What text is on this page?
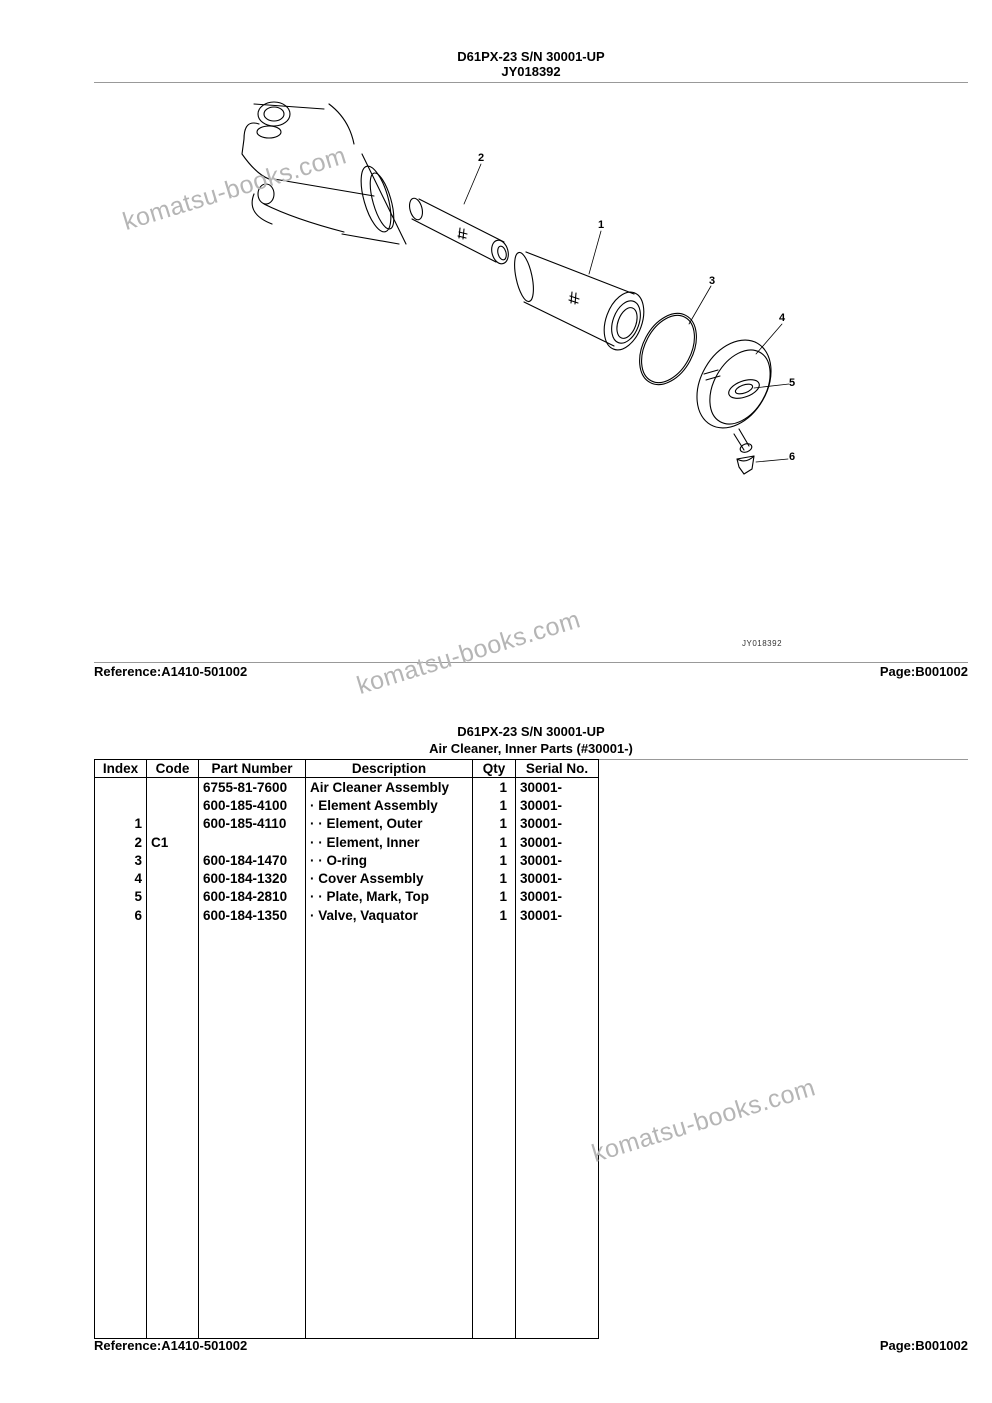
D61PX-23 S/N 30001-UP
JY018392
2
1
3
4
5
6
JY018392
Reference:A1410-501002	Page:B001002
D61PX-23 S/N 30001-UP
Air Cleaner, Inner Parts (#30001-)
Index	Code	Part Number	Description	Qty	Serial No.
		6755-81-7600	Air Cleaner Assembly	1	30001-
		600-185-4100	· Element Assembly	1	30001-
1		600-185-4110	· · Element, Outer	1	30001-
2	C1		· · Element, Inner	1	30001-
3		600-184-1470	· · O-ring	1	30001-
4		600-184-1320	· Cover Assembly	1	30001-
5		600-184-2810	· · Plate, Mark, Top	1	30001-
6		600-184-1350	· Valve, Vaquator	1	30001-

Reference:A1410-501002	Page:B001002
komatsu-books.com
komatsu-books.com
komatsu-books.com
